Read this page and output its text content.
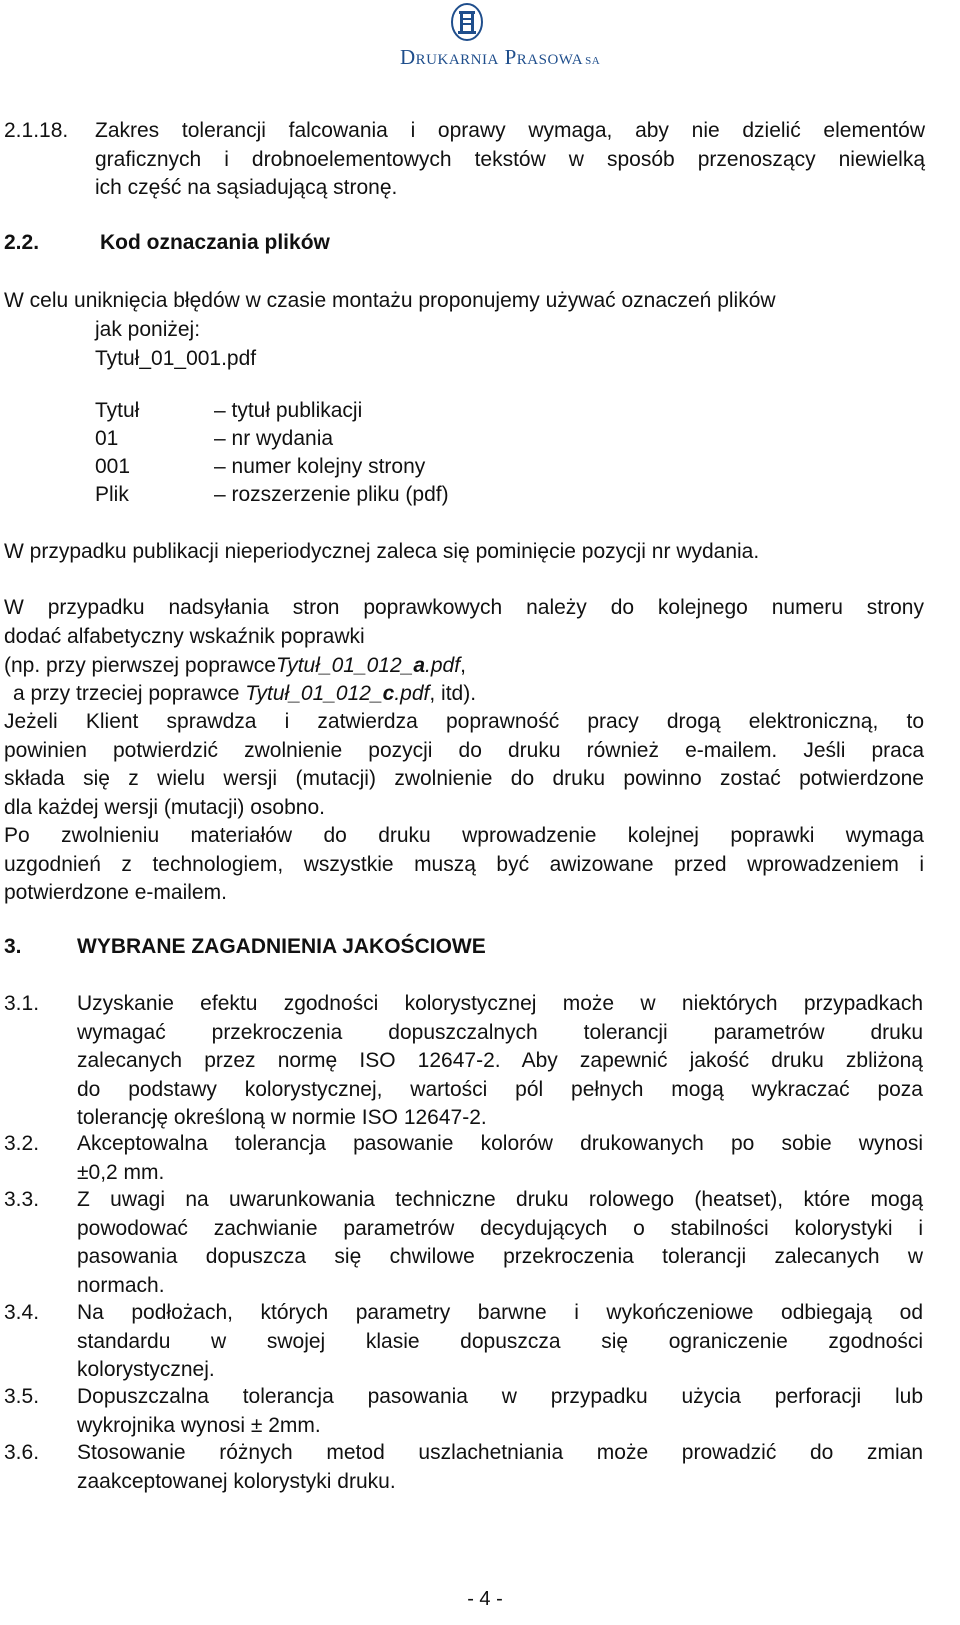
Drukarnia Prasowa SA
2.1.18. Zakres tolerancji falcowania i oprawy wymaga, aby nie dzielić elementów
graficznych i drobnoelementowych tekstów w sposób przenoszący niewielką
ich część na sąsiadującą stronę.
2.2.	Kod oznaczania plików
W celu uniknięcia błędów w czasie montażu proponujemy używać oznaczeń plików
jak poniżej:
Tytuł_01_001.pdf
Tytuł	– tytuł publikacji
01	– nr wydania
001	– numer kolejny strony
Plik	– rozszerzenie pliku (pdf)
W przypadku publikacji nieperiodycznej zaleca się pominięcie pozycji nr wydania.
W przypadku nadsyłania stron poprawkowych należy do kolejnego numeru strony
dodać alfabetyczny wskaźnik poprawki
(np. przy pierwszej poprawceTytuł_01_012_a.pdf,
a przy trzeciej poprawce Tytuł_01_012_c.pdf, itd).
Jeżeli Klient sprawdza i zatwierdza poprawność pracy drogą elektroniczną, to
powinien potwierdzić zwolnienie pozycji do druku również e-mailem. Jeśli praca
składa się z wielu wersji (mutacji) zwolnienie do druku powinno zostać potwierdzone
dla każdej wersji (mutacji) osobno.
Po zwolnieniu materiałów do druku wprowadzenie kolejnej poprawki wymaga
uzgodnień z technologiem, wszystkie muszą być awizowane przed wprowadzeniem i
potwierdzone e-mailem.
3.	WYBRANE ZAGADNIENIA JAKOŚCIOWE
3.1. Uzyskanie efektu zgodności kolorystycznej może w niektórych przypadkach
wymagać przekroczenia dopuszczalnych tolerancji parametrów druku
zalecanych przez normę ISO 12647-2. Aby zapewnić jakość druku zbliżoną
do podstawy kolorystycznej, wartości pól pełnych mogą wykraczać poza
tolerancję określoną w normie ISO 12647-2.
3.2. Akceptowalna tolerancja pasowanie kolorów drukowanych po sobie wynosi
±0,2 mm.
3.3. Z uwagi na uwarunkowania techniczne druku rolowego (heatset), które mogą
powodować zachwianie parametrów decydujących o stabilności kolorystyki i
pasowania dopuszcza się chwilowe przekroczenia tolerancji zalecanych w
normach.
3.4. Na podłożach, których parametry barwne i wykończeniowe odbiegają od
standardu w swojej klasie dopuszcza się ograniczenie zgodności
kolorystycznej.
3.5. Dopuszczalna tolerancja pasowania w przypadku użycia perforacji lub
wykrojnika wynosi ± 2mm.
3.6. Stosowanie różnych metod uszlachetniania może prowadzić do zmian
zaakceptowanej kolorystyki druku.
- 4 -
